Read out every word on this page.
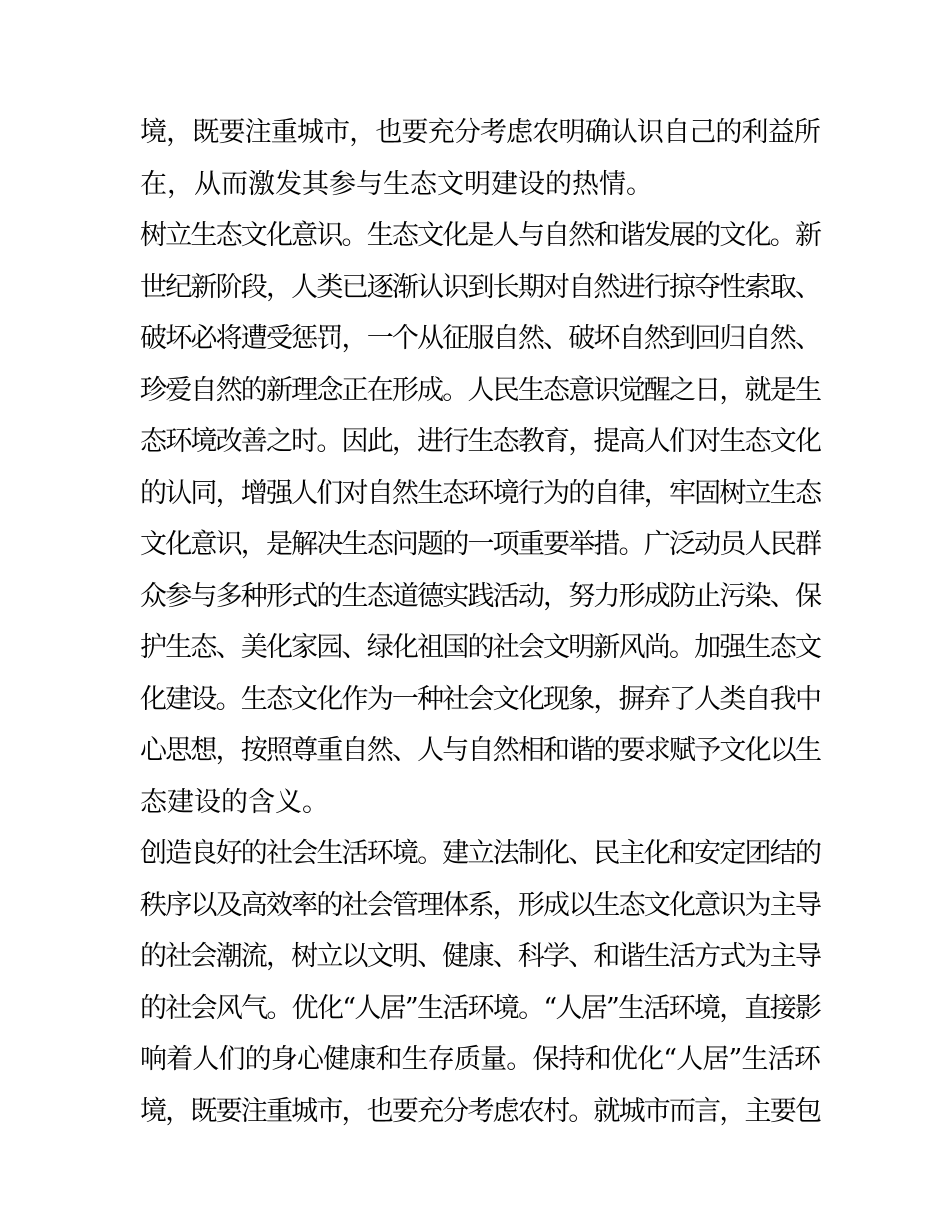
境，既要注重城市，也要充分考虑农明确认识自己的利益所
在，从而激发其参与生态文明建设的热情。
树立生态文化意识。生态文化是人与自然和谐发展的文化。新
世纪新阶段，人类已逐渐认识到长期对自然进行掠夺性索取、
破坏必将遭受惩罚，一个从征服自然、破坏自然到回归自然、
珍爱自然的新理念正在形成。人民生态意识觉醒之日，就是生
态环境改善之时。因此，进行生态教育，提高人们对生态文化
的认同，增强人们对自然生态环境行为的自律，牢固树立生态
文化意识，是解决生态问题的一项重要举措。广泛动员人民群
众参与多种形式的生态道德实践活动，努力形成防止污染、保
护生态、美化家园、绿化祖国的社会文明新风尚。加强生态文
化建设。生态文化作为一种社会文化现象，摒弃了人类自我中
心思想，按照尊重自然、人与自然相和谐的要求赋予文化以生
态建设的含义。
创造良好的社会生活环境。建立法制化、民主化和安定团结的
秩序以及高效率的社会管理体系，形成以生态文化意识为主导
的社会潮流，树立以文明、健康、科学、和谐生活方式为主导
的社会风气。优化“人居”生活环境。“人居”生活环境，直接影
响着人们的身心健康和生存质量。保持和优化“人居”生活环
境，既要注重城市，也要充分考虑农村。就城市而言，主要包
